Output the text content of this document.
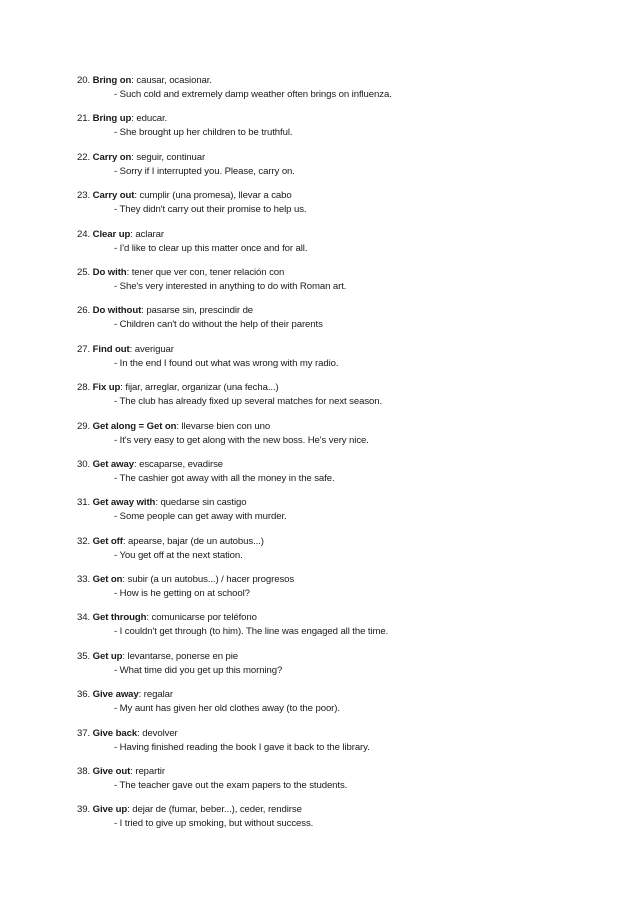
20. Bring on: causar, ocasionar.
- Such cold and extremely damp weather often brings on influenza.
21. Bring up: educar.
- She brought up her children to be truthful.
22. Carry on: seguir, continuar
- Sorry if I interrupted you. Please, carry on.
23. Carry out: cumplir (una promesa), llevar a cabo
- They didn't carry out their promise to help us.
24. Clear up: aclarar
- I'd like to clear up this matter once and for all.
25. Do with: tener que ver con, tener relación con
- She's very interested in anything to do with Roman art.
26. Do without: pasarse sin, prescindir de
- Children can't do without the help of their parents
27. Find out: averiguar
- In the end I found out what was wrong with my radio.
28. Fix up: fijar, arreglar, organizar (una fecha...)
- The club has already fixed up several matches for next season.
29. Get along = Get on: llevarse bien con uno
- It's very easy to get along with the new boss. He's very nice.
30. Get away: escaparse, evadirse
- The cashier got away with all the money in the safe.
31. Get away with: quedarse sin castigo
- Some people can get away with murder.
32. Get off: apearse, bajar (de un autobus...)
- You get off at the next station.
33. Get on: subir (a un autobus...) / hacer progresos
- How is he getting on at school?
34. Get through: comunicarse por teléfono
- I couldn't get through (to him). The line was engaged all the time.
35. Get up: levantarse, ponerse en pie
- What time did you get up this morning?
36. Give away: regalar
- My aunt has given her old clothes away (to the poor).
37. Give back: devolver
- Having finished reading the book I gave it back to the library.
38. Give out: repartir
- The teacher gave out the exam papers to the students.
39. Give up: dejar de (fumar, beber...), ceder, rendirse
- I tried to give up smoking, but without success.
